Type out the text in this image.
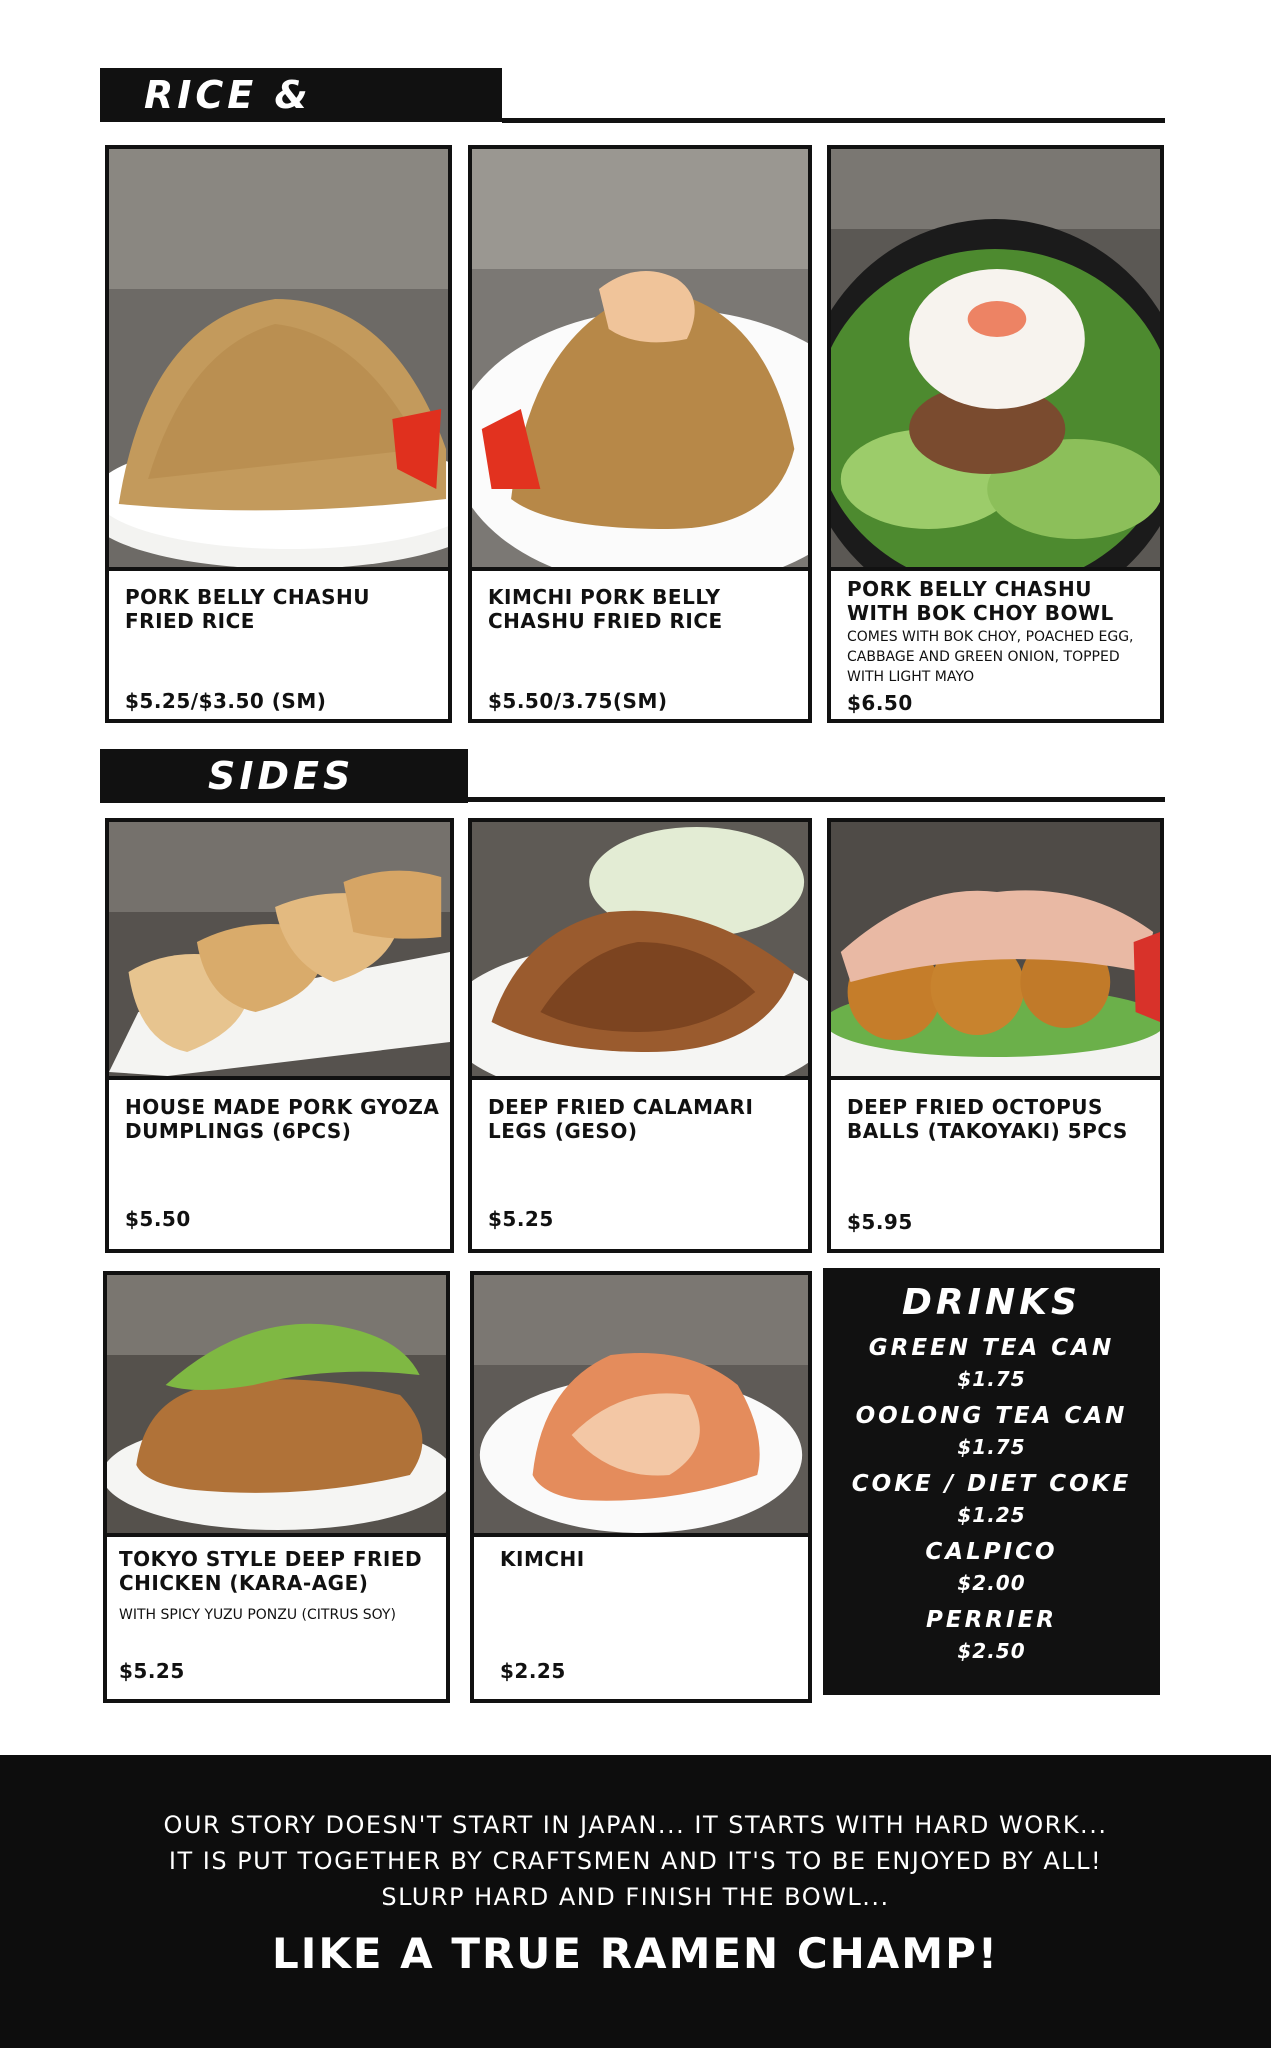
RICE &
PORK BELLY CHASHU FRIED RICE
$5.25/$3.50 (SM)
KIMCHI PORK BELLY CHASHU FRIED RICE
$5.50/3.75(SM)
PORK BELLY CHASHU WITH BOK CHOY BOWL
COMES WITH BOK CHOY, POACHED EGG, CABBAGE AND GREEN ONION, TOPPED WITH LIGHT MAYO
$6.50
SIDES
HOUSE MADE PORK GYOZA DUMPLINGS (6PCS)
$5.50
DEEP FRIED CALAMARI LEGS (GESO)
$5.25
DEEP FRIED OCTOPUS BALLS (TAKOYAKI) 5PCS
$5.95
TOKYO STYLE DEEP FRIED CHICKEN (KARA-AGE)
WITH SPICY YUZU PONZU (CITRUS SOY)
$5.25
KIMCHI
$2.25
DRINKS
GREEN TEA CAN
$1.75
OOLONG TEA CAN
$1.75
COKE / DIET COKE
$1.25
CALPICO
$2.00
PERRIER
$2.50
OUR STORY DOESN'T START IN JAPAN... IT STARTS WITH HARD WORK...
IT IS PUT TOGETHER BY CRAFTSMEN AND IT'S TO BE ENJOYED BY ALL!
SLURP HARD AND FINISH THE BOWL...
LIKE A TRUE RAMEN CHAMP!
